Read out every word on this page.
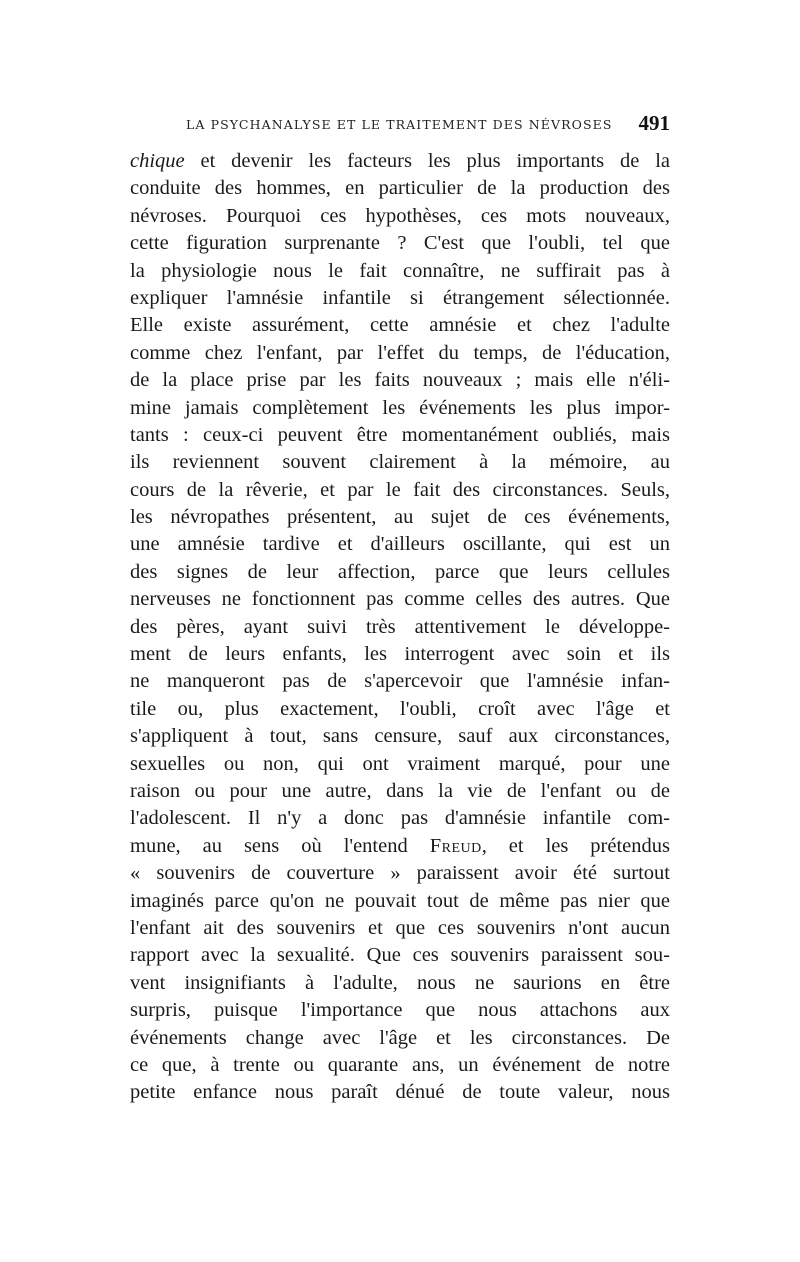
LA PSYCHANALYSE ET LE TRAITEMENT DES NÉVROSES 491
chique et devenir les facteurs les plus importants de la
conduite des hommes, en particulier de la production des
névroses. Pourquoi ces hypothèses, ces mots nouveaux,
cette figuration surprenante ? C'est que l'oubli, tel que
la physiologie nous le fait connaître, ne suffirait pas à
expliquer l'amnésie infantile si étrangement sélectionnée.
Elle existe assurément, cette amnésie et chez l'adulte
comme chez l'enfant, par l'effet du temps, de l'éducation,
de la place prise par les faits nouveaux ; mais elle n'éli-
mine jamais complètement les événements les plus impor-
tants : ceux-ci peuvent être momentanément oubliés, mais
ils reviennent souvent clairement à la mémoire, au
cours de la rêverie, et par le fait des circonstances. Seuls,
les névropathes présentent, au sujet de ces événements,
une amnésie tardive et d'ailleurs oscillante, qui est un
des signes de leur affection, parce que leurs cellules
nerveuses ne fonctionnent pas comme celles des autres. Que
des pères, ayant suivi très attentivement le développe-
ment de leurs enfants, les interrogent avec soin et ils
ne manqueront pas de s'apercevoir que l'amnésie infan-
tile ou, plus exactement, l'oubli, croît avec l'âge et
s'appliquent à tout, sans censure, sauf aux circonstances,
sexuelles ou non, qui ont vraiment marqué, pour une
raison ou pour une autre, dans la vie de l'enfant ou de
l'adolescent. Il n'y a donc pas d'amnésie infantile com-
mune, au sens où l'entend Freud, et les prétendus
« souvenirs de couverture » paraissent avoir été surtout
imaginés parce qu'on ne pouvait tout de même pas nier que
l'enfant ait des souvenirs et que ces souvenirs n'ont aucun
rapport avec la sexualité. Que ces souvenirs paraissent sou-
vent insignifiants à l'adulte, nous ne saurions en être
surpris, puisque l'importance que nous attachons aux
événements change avec l'âge et les circonstances. De
ce que, à trente ou quarante ans, un événement de notre
petite enfance nous paraît dénué de toute valeur, nous
